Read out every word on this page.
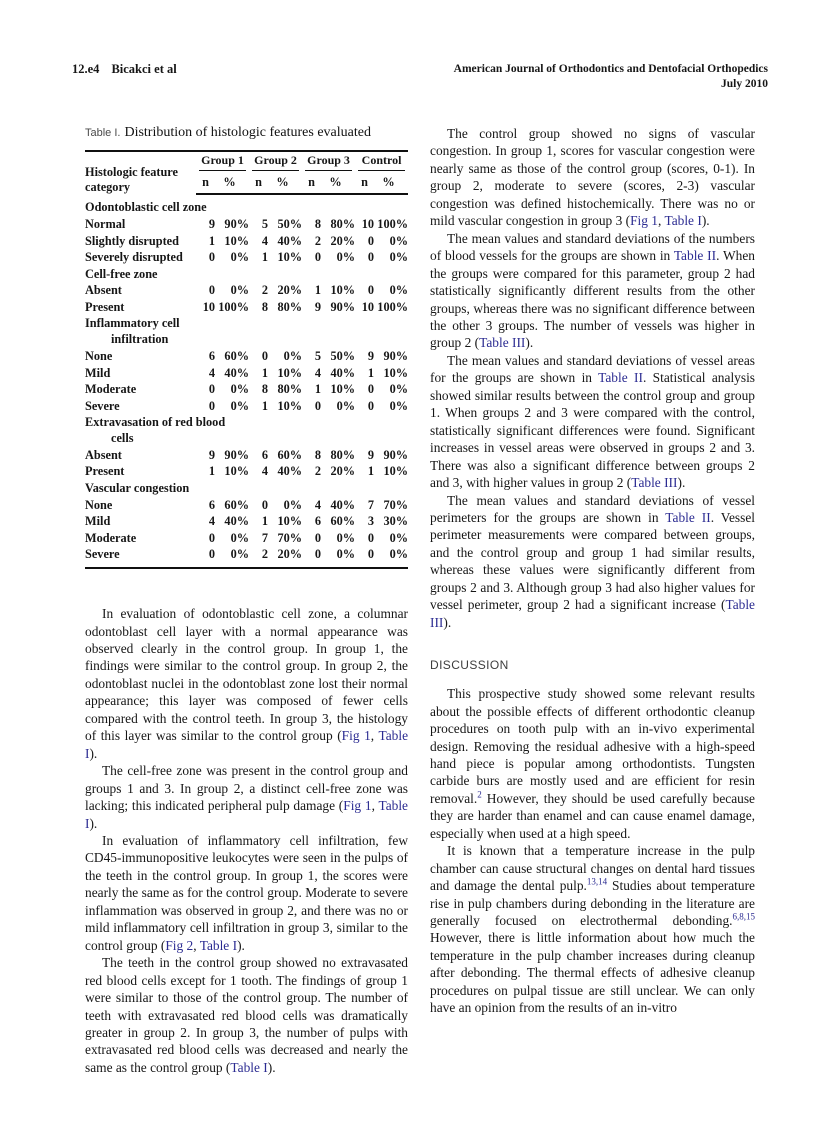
12.e4 Bicakci et al	American Journal of Orthodontics and Dentofacial Orthopedics
July 2010
Table I. Distribution of histologic features evaluated
Histologic feature category	Group 1		Group 2		Group 3		Control	

	n	%	n	%	n	%	n	%
Odontoblastic cell zone								
Normal	9	90%	5	50%	8	80%	10	100%
Slightly disrupted	1	10%	4	40%	2	20%	0	0%
Severely disrupted	0	0%	1	10%	0	0%	0	0%
Cell-free zone								
Absent	0	0%	2	20%	1	10%	0	0%
Present	10	100%	8	80%	9	90%	10	100%
Inflammatory cell
infiltration								

None	6	60%	0	0%	5	50%	9	90%
Mild	4	40%	1	10%	4	40%	1	10%
Moderate	0	0%	8	80%	1	10%	0	0%
Severe	0	0%	1	10%	0	0%	0	0%
Extravasation of red blood
cells								

Absent	9	90%	6	60%	8	80%	9	90%
Present	1	10%	4	40%	2	20%	1	10%
Vascular congestion								
None	6	60%	0	0%	4	40%	7	70%
Mild	4	40%	1	10%	6	60%	3	30%
Moderate	0	0%	7	70%	0	0%	0	0%
Severe	0	0%	2	20%	0	0%	0	0%

In evaluation of odontoblastic cell zone, a columnar odontoblast cell layer with a normal appearance was observed clearly in the control group. In group 1, the findings were similar to the control group. In group 2, the odontoblast nuclei in the odontoblast zone lost their normal appearance; this layer was composed of fewer cells compared with the control teeth. In group 3, the histology of this layer was similar to the control group (Fig 1, Table I).

The cell-free zone was present in the control group and groups 1 and 3. In group 2, a distinct cell-free zone was lacking; this indicated peripheral pulp damage (Fig 1, Table I).

In evaluation of inflammatory cell infiltration, few CD45-immunopositive leukocytes were seen in the pulps of the teeth in the control group. In group 1, the scores were nearly the same as for the control group. Moderate to severe inflammation was observed in group 2, and there was no or mild inflammatory cell infiltration in group 3, similar to the control group (Fig 2, Table I).

The teeth in the control group showed no extravasated red blood cells except for 1 tooth. The findings of group 1 were similar to those of the control group. The number of teeth with extravasated red blood cells was dramatically greater in group 2. In group 3, the number of pulps with extravasated red blood cells was decreased and nearly the same as the control group (Table I).

The control group showed no signs of vascular congestion. In group 1, scores for vascular congestion were nearly same as those of the control group (scores, 0-1). In group 2, moderate to severe (scores, 2-3) vascular congestion was defined histochemically. There was no or mild vascular congestion in group 3 (Fig 1, Table I).

The mean values and standard deviations of the numbers of blood vessels for the groups are shown in Table II. When the groups were compared for this parameter, group 2 had statistically significantly different results from the other groups, whereas there was no significant difference between the other 3 groups. The number of vessels was higher in group 2 (Table III).

The mean values and standard deviations of vessel areas for the groups are shown in Table II. Statistical analysis showed similar results between the control group and group 1. When groups 2 and 3 were compared with the control, statistically significant differences were found. Significant increases in vessel areas were observed in groups 2 and 3. There was also a significant difference between groups 2 and 3, with higher values in group 2 (Table III).

The mean values and standard deviations of vessel perimeters for the groups are shown in Table II. Vessel perimeter measurements were compared between groups, and the control group and group 1 had similar results, whereas these values were significantly different from groups 2 and 3. Although group 3 had also higher values for vessel perimeter, group 2 had a significant increase (Table III).

DISCUSSION

This prospective study showed some relevant results about the possible effects of different orthodontic cleanup procedures on tooth pulp with an in-vivo experimental design. Removing the residual adhesive with a high-speed hand piece is popular among orthodontists. Tungsten carbide burs are mostly used and are efficient for resin removal.$^2$ However, they should be used carefully because they are harder than enamel and can cause enamel damage, especially when used at a high speed.

It is known that a temperature increase in the pulp chamber can cause structural changes on dental hard tissues and damage the dental pulp.$^{13,14}$ Studies about temperature rise in pulp chambers during debonding in the literature are generally focused on electrothermal debonding.$^{6,8,15}$ However, there is little information about how much the temperature in the pulp chamber increases during cleanup after debonding. The thermal effects of adhesive cleanup procedures on pulpal tissue are still unclear. We can only have an opinion from the results of an in-vitro
